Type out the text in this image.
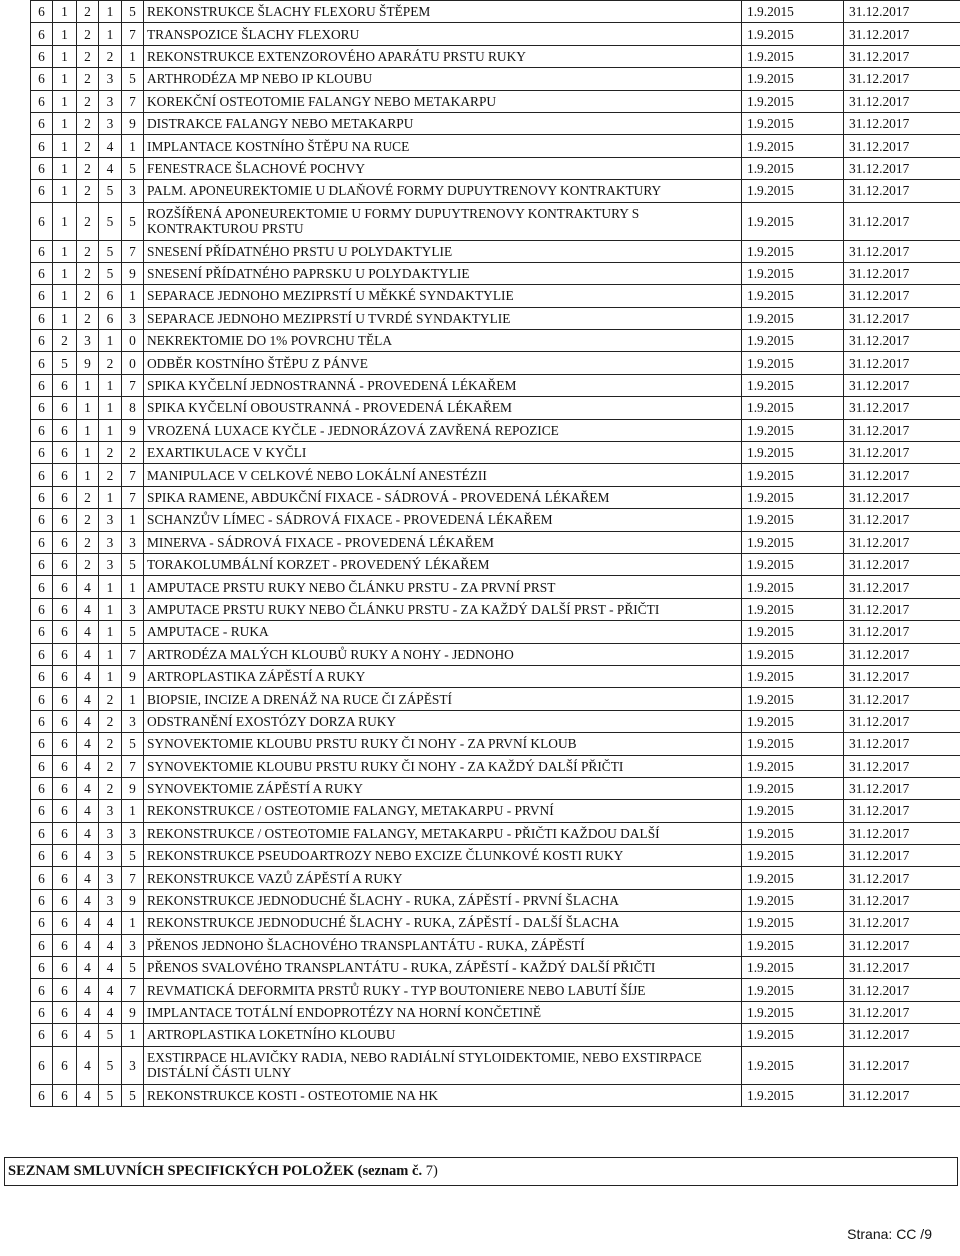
6	1	2	1	5	REKONSTRUKCE ŠLACHY FLEXORU ŠTĚPEM	1.9.2015	31.12.2017
6	1	2	1	7	TRANSPOZICE ŠLACHY FLEXORU	1.9.2015	31.12.2017
6	1	2	2	1	REKONSTRUKCE EXTENZOROVÉHO APARÁTU PRSTU RUKY	1.9.2015	31.12.2017
6	1	2	3	5	ARTHRODÉZA MP NEBO IP KLOUBU	1.9.2015	31.12.2017
6	1	2	3	7	KOREKČNÍ OSTEOTOMIE FALANGY NEBO METAKARPU	1.9.2015	31.12.2017
6	1	2	3	9	DISTRAKCE FALANGY NEBO METAKARPU	1.9.2015	31.12.2017
6	1	2	4	1	IMPLANTACE KOSTNÍHO ŠTĚPU NA RUCE	1.9.2015	31.12.2017
6	1	2	4	5	FENESTRACE ŠLACHOVÉ POCHVY	1.9.2015	31.12.2017
6	1	2	5	3	PALM. APONEUREKTOMIE U DLAŇOVÉ FORMY DUPUYTRENOVY KONTRAKTURY	1.9.2015	31.12.2017
6	1	2	5	5	ROZŠÍŘENÁ APONEUREKTOMIE U FORMY DUPUYTRENOVY KONTRAKTURY S KONTRAKTUROU PRSTU	1.9.2015	31.12.2017
6	1	2	5	7	SNESENÍ PŘÍDATNÉHO PRSTU U POLYDAKTYLIE	1.9.2015	31.12.2017
6	1	2	5	9	SNESENÍ PŘÍDATNÉHO PAPRSKU U POLYDAKTYLIE	1.9.2015	31.12.2017
6	1	2	6	1	SEPARACE JEDNOHO MEZIPRSTÍ U MĚKKÉ SYNDAKTYLIE	1.9.2015	31.12.2017
6	1	2	6	3	SEPARACE JEDNOHO MEZIPRSTÍ U TVRDÉ SYNDAKTYLIE	1.9.2015	31.12.2017
6	2	3	1	0	NEKREKTOMIE DO 1% POVRCHU TĚLA	1.9.2015	31.12.2017
6	5	9	2	0	ODBĚR KOSTNÍHO ŠTĚPU Z PÁNVE	1.9.2015	31.12.2017
6	6	1	1	7	SPIKA KYČELNÍ JEDNOSTRANNÁ - PROVEDENÁ LÉKAŘEM	1.9.2015	31.12.2017
6	6	1	1	8	SPIKA KYČELNÍ OBOUSTRANNÁ - PROVEDENÁ LÉKAŘEM	1.9.2015	31.12.2017
6	6	1	1	9	VROZENÁ LUXACE KYČLE - JEDNORÁZOVÁ ZAVŘENÁ REPOZICE	1.9.2015	31.12.2017
6	6	1	2	2	EXARTIKULACE V KYČLI	1.9.2015	31.12.2017
6	6	1	2	7	MANIPULACE V CELKOVÉ NEBO LOKÁLNÍ ANESTÉZII	1.9.2015	31.12.2017
6	6	2	1	7	SPIKA RAMENE, ABDUKČNÍ FIXACE - SÁDROVÁ - PROVEDENÁ LÉKAŘEM	1.9.2015	31.12.2017
6	6	2	3	1	SCHANZŮV LÍMEC - SÁDROVÁ FIXACE - PROVEDENÁ LÉKAŘEM	1.9.2015	31.12.2017
6	6	2	3	3	MINERVA - SÁDROVÁ FIXACE - PROVEDENÁ LÉKAŘEM	1.9.2015	31.12.2017
6	6	2	3	5	TORAKOLUMBÁLNÍ KORZET - PROVEDENÝ LÉKAŘEM	1.9.2015	31.12.2017
6	6	4	1	1	AMPUTACE PRSTU RUKY NEBO ČLÁNKU PRSTU - ZA PRVNÍ PRST	1.9.2015	31.12.2017
6	6	4	1	3	AMPUTACE PRSTU RUKY NEBO ČLÁNKU PRSTU - ZA KAŽDÝ DALŠÍ PRST - PŘIČTI	1.9.2015	31.12.2017
6	6	4	1	5	AMPUTACE - RUKA	1.9.2015	31.12.2017
6	6	4	1	7	ARTRODÉZA MALÝCH KLOUBŮ RUKY A NOHY - JEDNOHO	1.9.2015	31.12.2017
6	6	4	1	9	ARTROPLASTIKA ZÁPĚSTÍ A RUKY	1.9.2015	31.12.2017
6	6	4	2	1	BIOPSIE, INCIZE A DRENÁŽ NA RUCE ČI ZÁPĚSTÍ	1.9.2015	31.12.2017
6	6	4	2	3	ODSTRANĚNÍ EXOSTÓZY DORZA RUKY	1.9.2015	31.12.2017
6	6	4	2	5	SYNOVEKTOMIE KLOUBU PRSTU RUKY ČI NOHY - ZA PRVNÍ KLOUB	1.9.2015	31.12.2017
6	6	4	2	7	SYNOVEKTOMIE KLOUBU PRSTU RUKY ČI NOHY - ZA KAŽDÝ DALŠÍ PŘIČTI	1.9.2015	31.12.2017
6	6	4	2	9	SYNOVEKTOMIE ZÁPĚSTÍ A RUKY	1.9.2015	31.12.2017
6	6	4	3	1	REKONSTRUKCE / OSTEOTOMIE FALANGY, METAKARPU - PRVNÍ	1.9.2015	31.12.2017
6	6	4	3	3	REKONSTRUKCE / OSTEOTOMIE FALANGY, METAKARPU - PŘIČTI KAŽDOU DALŠÍ	1.9.2015	31.12.2017
6	6	4	3	5	REKONSTRUKCE PSEUDOARTROZY NEBO EXCIZE ČLUNKOVÉ KOSTI RUKY	1.9.2015	31.12.2017
6	6	4	3	7	REKONSTRUKCE VAZŮ ZÁPĚSTÍ A RUKY	1.9.2015	31.12.2017
6	6	4	3	9	REKONSTRUKCE JEDNODUCHÉ ŠLACHY - RUKA, ZÁPĚSTÍ - PRVNÍ ŠLACHA	1.9.2015	31.12.2017
6	6	4	4	1	REKONSTRUKCE JEDNODUCHÉ ŠLACHY - RUKA, ZÁPĚSTÍ - DALŠÍ ŠLACHA	1.9.2015	31.12.2017
6	6	4	4	3	PŘENOS JEDNOHO ŠLACHOVÉHO TRANSPLANTÁTU - RUKA, ZÁPĚSTÍ	1.9.2015	31.12.2017
6	6	4	4	5	PŘENOS SVALOVÉHO TRANSPLANTÁTU - RUKA, ZÁPĚSTÍ - KAŽDÝ DALŠÍ PŘIČTI	1.9.2015	31.12.2017
6	6	4	4	7	REVMATICKÁ DEFORMITA PRSTŮ RUKY - TYP BOUTONIERE NEBO LABUTÍ ŠÍJE	1.9.2015	31.12.2017
6	6	4	4	9	IMPLANTACE TOTÁLNÍ ENDOPROTÉZY NA HORNÍ KONČETINĚ	1.9.2015	31.12.2017
6	6	4	5	1	ARTROPLASTIKA LOKETNÍHO KLOUBU	1.9.2015	31.12.2017
6	6	4	5	3	EXSTIRPACE HLAVIČKY RADIA, NEBO RADIÁLNÍ STYLOIDEKTOMIE, NEBO EXSTIRPACE DISTÁLNÍ ČÁSTI ULNY	1.9.2015	31.12.2017
6	6	4	5	5	REKONSTRUKCE KOSTI - OSTEOTOMIE NA HK	1.9.2015	31.12.2017
SEZNAM SMLUVNÍCH SPECIFICKÝCH POLOŽEK (seznam č. 7)
Strana: CC /9
